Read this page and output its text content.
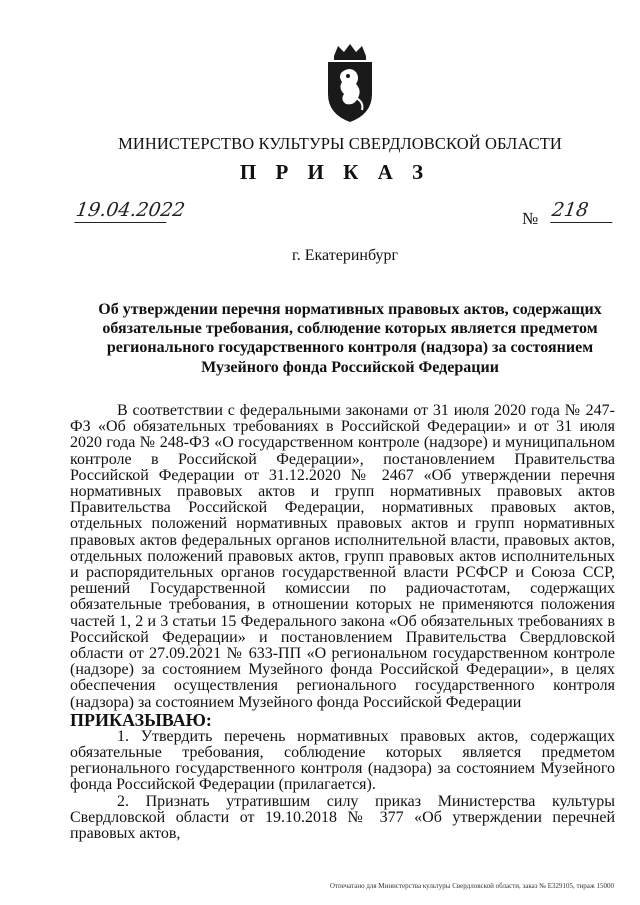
МИНИСТЕРСТВО КУЛЬТУРЫ СВЕРДЛОВСКОЙ ОБЛАСТИ
П Р И К А З
19.04.2022	№ 218
г. Екатеринбург
Об утверждении перечня нормативных правовых актов, содержащих обязательные требования, соблюдение которых является предметом регионального государственного контроля (надзора) за состоянием Музейного фонда Российской Федерации

В соответствии с федеральными законами от 31 июля 2020 года № 247-ФЗ «Об обязательных требованиях в Российской Федерации» и от 31 июля 2020 года № 248-ФЗ «О государственном контроле (надзоре) и муниципальном контроле в Российской Федерации», постановлением Правительства Российской Федерации от 31.12.2020 № 2467 «Об утверждении перечня нормативных правовых актов и групп нормативных правовых актов Правительства Российской Федерации, нормативных правовых актов, отдельных положений нормативных правовых актов и групп нормативных правовых актов федеральных органов исполнительной власти, правовых актов, отдельных положений правовых актов, групп правовых актов исполнительных и распорядительных органов государственной власти РСФСР и Союза ССР, решений Государственной комиссии по радиочастотам, содержащих обязательные требования, в отношении которых не применяются положения частей 1, 2 и 3 статьи 15 Федерального закона «Об обязательных требованиях в Российской Федерации» и постановлением Правительства Свердловской области от 27.09.2021 № 633-ПП «О региональном государственном контроле (надзоре) за состоянием Музейного фонда Российской Федерации», в целях обеспечения осуществления регионального государственного контроля (надзора) за состоянием Музейного фонда Российской Федерации

ПРИКАЗЫВАЮ:

1. Утвердить перечень нормативных правовых актов, содержащих обязательные требования, соблюдение которых является предметом регионального государственного контроля (надзора) за состоянием Музейного фонда Российской Федерации (прилагается).

2. Признать утратившим силу приказ Министерства культуры Свердловской области от 19.10.2018 № 377 «Об утверждении перечней правовых актов,

Отпечатано для Министерства культуры Свердловской области, заказ № Е329105, тираж 15000
